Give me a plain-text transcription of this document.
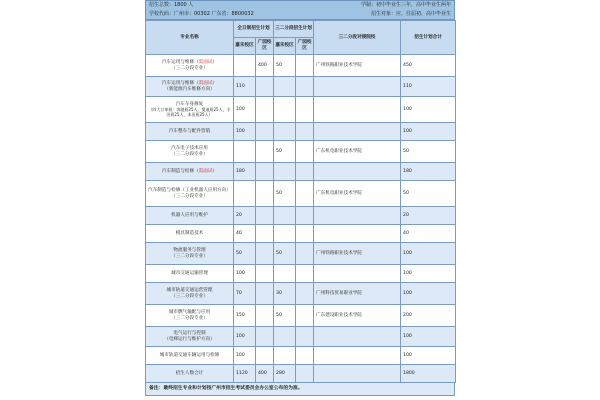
招生总数：1800 人	学制：初中毕业生三年，高中毕业生两年
学校代码：广州市：00302 广东省：8800032	招生对象：应、往届初、高中毕业生
专业名称	全日制招生计划		三二分段招生计划		三二分段对接院校	招生计划合计
	嘉禾校区	广园校区	嘉禾校区	广园校区		

汽车运用与维修（需面试）
（三二分段专业）		400	50		广州铁路职业技术学院	450

汽车运用与维修（需面试）
（新能源汽车维修方向）	110					110

汽车车身修复
（四大订单班：奔驰班25人，奥迪班25人，丰田班25人，本田班25人）	100					100

汽车整车与配件营销	100					100

汽车电子技术应用
（三二分段专业）			50		广东机电职业技术学院	50

汽车制造与检修（需面试）	180					180

汽车制造与检修（工业机器人应用方向）
（三二分段专业）			50		广东机电职业技术学院	50

机器人应用与维护	20					20

模具制造技术	40					40

物流服务与管理
（三二分段专业）	50		50		广州铁路职业技术学院	100

城市交通运输管理	100					100

城市轨道交通运营管理
（三二分段专业）	70		30		广州科技贸易职业学院	100

城市燃气输配与应用
（三二分段专业）	150		50		广东建设职业技术学院	200

电气运行与控制
（电梯运行与维护方向）	100					100

城市轨道交通车辆运用与检修	100					100
招生人数合计	1120	400	280			1800
备注：最终招生专业和计划按广州市招生考试委员会办公室公布的为准。
